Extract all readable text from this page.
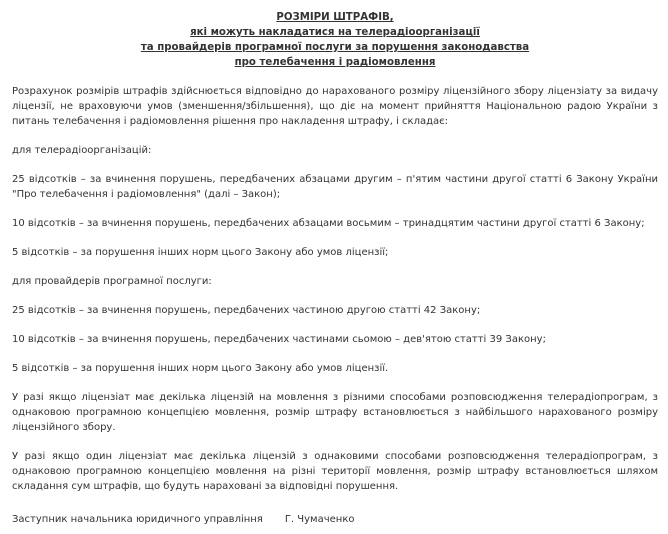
РОЗМІРИ ШТРАФІВ,
які можуть накладатися на телерадіоорганізації
та провайдерів програмної послуги за порушення законодавства
про телебачення і радіомовлення

Розрахунок розмірів штрафів здійснюється відповідно до нарахованого розміру ліцензійного збору ліцензіату за видачу ліцензії, не враховуючи умов (зменшення/збільшення), що діє на момент прийняття Національною радою України з питань телебачення і радіомовлення рішення про накладення штрафу, і складає:

для телерадіоорганізацій:

25 відсотків – за вчинення порушень, передбачених абзацами другим – п'ятим частини другої статті 6 Закону України "Про телебачення і радіомовлення" (далі – Закон);

10 відсотків – за вчинення порушень, передбачених абзацами восьмим – тринадцятим частини другої статті 6 Закону;

5 відсотків – за порушення інших норм цього Закону або умов ліцензії;

для провайдерів програмної послуги:

25 відсотків – за вчинення порушень, передбачених частиною другою статті 42 Закону;

10 відсотків – за вчинення порушень, передбачених частинами сьомою – дев'ятою статті 39 Закону;

5 відсотків – за порушення інших норм цього Закону або умов ліцензії.

У разі якщо ліцензіат має декілька ліцензій на мовлення з різними способами розповсюдження телерадіопрограм, з однаковою програмною концепцією мовлення, розмір штрафу встановлюється з найбільшого нарахованого розміру ліцензійного збору.

У разі якщо один ліцензіат має декілька ліцензій з однаковими способами розповсюдження телерадіопрограм, з однаковою програмною концепцією мовлення на різні території мовлення, розмір штрафу встановлюється шляхом складання сум штрафів, що будуть нараховані за відповідні порушення.

Заступник начальника юридичного управління Г. Чумаченко
